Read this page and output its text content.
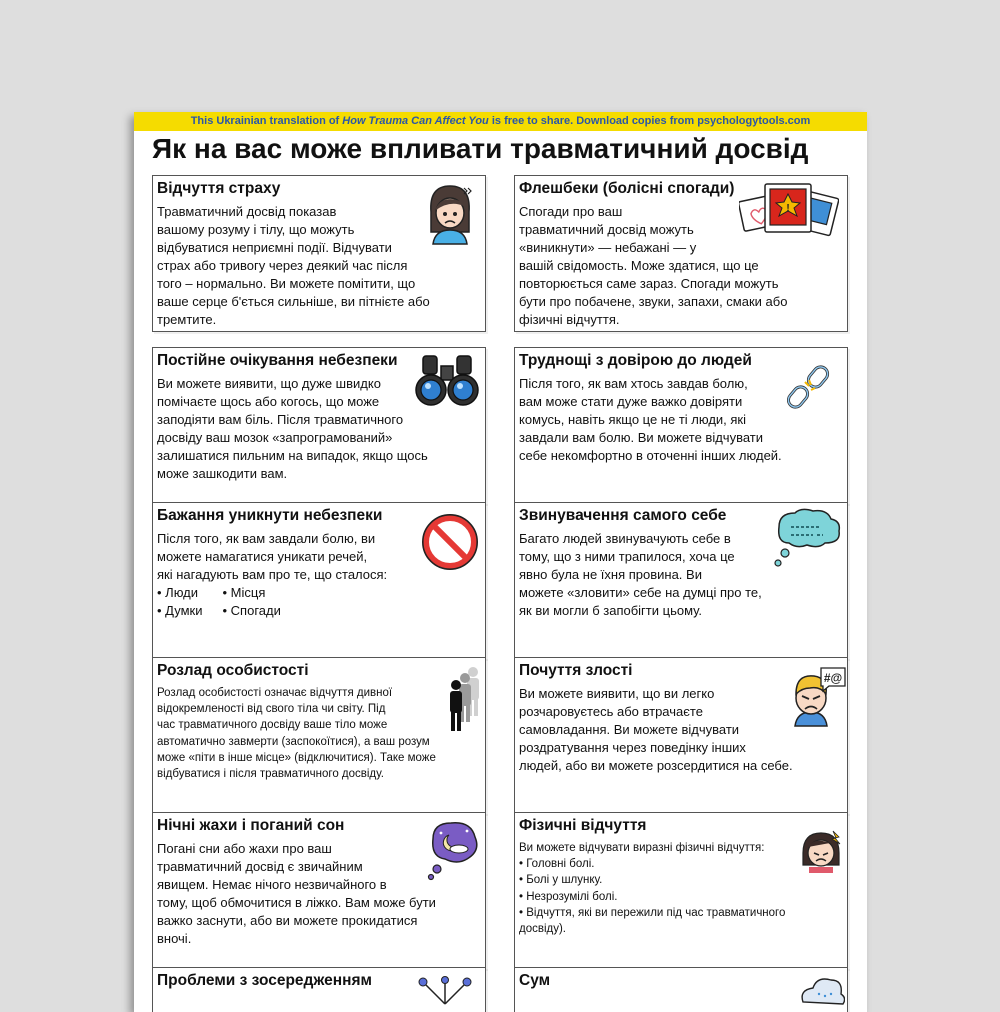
This Ukrainian translation of How Trauma Can Affect You is free to share. Download copies from psychologytools.com
Як на вас може впливати травматичний досвід
Відчуття страху
Травматичний досвід показав
вашому розуму і тілу, що можуть
відбуватися неприємні події. Відчувати
страх або тривогу через деякий час після
того – нормально. Ви можете помітити, що
ваше серце б'ється сильніше, ви пітнієте або
тремтите.
Флешбеки (болісні спогади)
Спогади про ваш
травматичний досвід можуть
«виникнути» — небажані — у
вашій свідомость. Може здатися, що це
повторюється саме зараз. Спогади можуть
бути про побачене, звуки, запахи, смаки або
фізичні відчуття.
!
Постійне очікування небезпеки
Ви можете виявити, що дуже швидко
помічаєте щось або когось, що може
заподіяти вам біль. Після травматичного
досвіду ваш мозок «запрограмований»
залишатися пильним на випадок, якщо щось
може зашкодити вам.
Труднощі з довірою до людей
Після того, як вам хтось завдав болю,
вам може стати дуже важко довіряти
комусь, навіть якщо це не ті люди, які
завдали вам болю. Ви можете відчувати
себе некомфортно в оточенні інших людей.
Бажання уникнути небезпеки
Після того, як вам завдали болю, ви
можете намагатися уникати речей,
які нагадують вам про те, що сталося:
• Люди
• Думки
• Місця
• Спогади
Звинувачення самого себе
Багато людей звинувачують себе в
тому, що з ними трапилося, хоча це
явно була не їхня провина. Ви
можете «зловити» себе на думці про те,
як ви могли б запобігти цьому.
Розлад особистості
Розлад особистості означає відчуття дивної
відокремленості від свого тіла чи світу. Під
час травматичного досвіду ваше тіло може
автоматично завмерти (заспокоїтися), а ваш розум
може «піти в інше місце» (відключитися). Таке може
відбуватися і після травматичного досвіду.
Почуття злості
Ви можете виявити, що ви легко
розчаровуєтесь або втрачаєте
самовладання. Ви можете відчувати
роздратування через поведінку інших
людей, або ви можете розсердитися на себе.
#@
Нічні жахи і поганий сон
Погані сни або жахи про ваш
травматичний досвід є звичайним
явищем. Немає нічого незвичайного в
тому, щоб обмочитися в ліжко. Вам може бути
важко заснути, або ви можете прокидатися
вночі.
Фізичні відчуття
Ви можете відчувати виразні фізичні відчуття:
• Головні болі.
• Болі у шлунку.
• Незрозумілі болі.
• Відчуття, які ви пережили під час травматичного
досвіду).
Проблеми з зосередженням	Сум
